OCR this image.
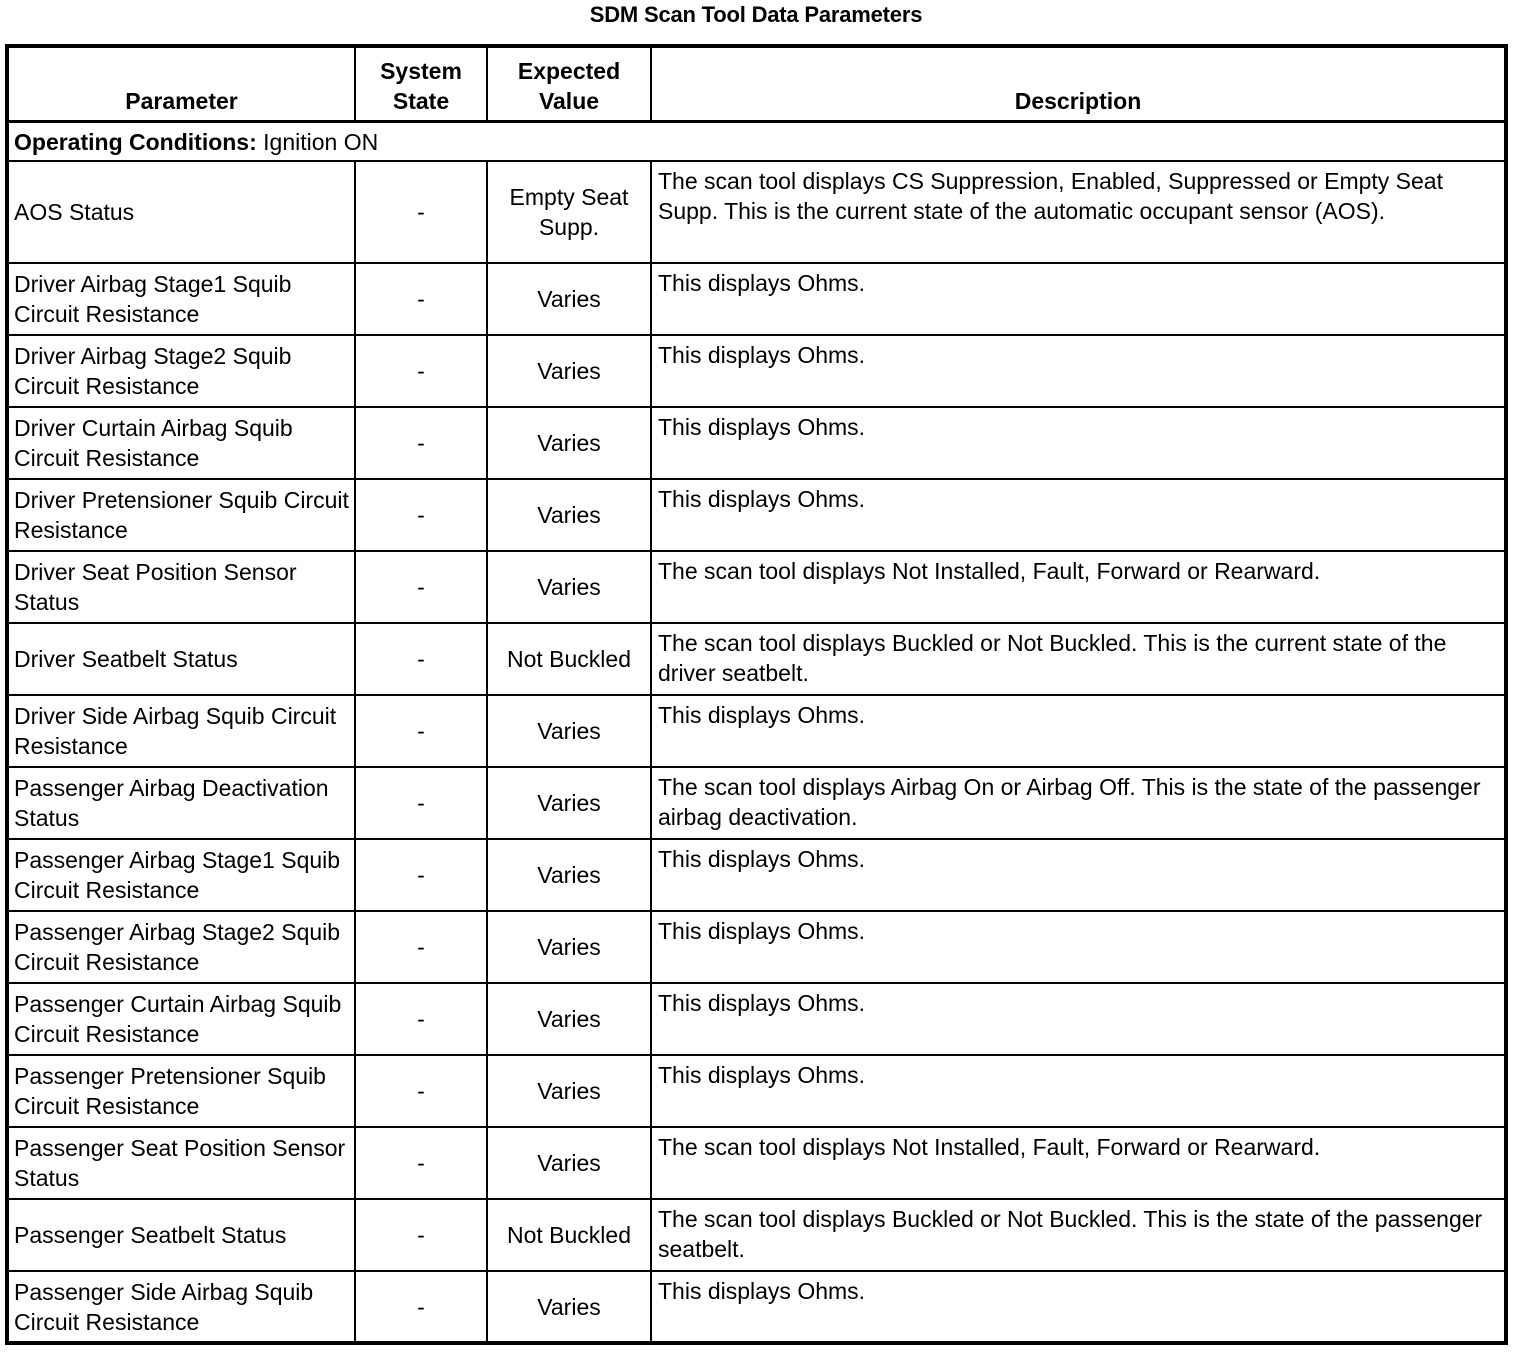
SDM Scan Tool Data Parameters
Parameter	System State	Expected Value	Description
Operating Conditions: Ignition ON			
AOS Status	-	Empty Seat Supp.	The scan tool displays CS Suppression, Enabled, Suppressed or Empty Seat Supp. This is the current state of the automatic occupant sensor (AOS).
Driver Airbag Stage1 Squib Circuit Resistance	-	Varies	This displays Ohms.
Driver Airbag Stage2 Squib Circuit Resistance	-	Varies	This displays Ohms.
Driver Curtain Airbag Squib Circuit Resistance	-	Varies	This displays Ohms.
Driver Pretensioner Squib Circuit Resistance	-	Varies	This displays Ohms.
Driver Seat Position Sensor Status	-	Varies	The scan tool displays Not Installed, Fault, Forward or Rearward.
Driver Seatbelt Status	-	Not Buckled	The scan tool displays Buckled or Not Buckled. This is the current state of the driver seatbelt.
Driver Side Airbag Squib Circuit Resistance	-	Varies	This displays Ohms.
Passenger Airbag Deactivation Status	-	Varies	The scan tool displays Airbag On or Airbag Off. This is the state of the passenger airbag deactivation.
Passenger Airbag Stage1 Squib Circuit Resistance	-	Varies	This displays Ohms.
Passenger Airbag Stage2 Squib Circuit Resistance	-	Varies	This displays Ohms.
Passenger Curtain Airbag Squib Circuit Resistance	-	Varies	This displays Ohms.
Passenger Pretensioner Squib Circuit Resistance	-	Varies	This displays Ohms.
Passenger Seat Position Sensor Status	-	Varies	The scan tool displays Not Installed, Fault, Forward or Rearward.
Passenger Seatbelt Status	-	Not Buckled	The scan tool displays Buckled or Not Buckled. This is the state of the passenger seatbelt.
Passenger Side Airbag Squib Circuit Resistance	-	Varies	This displays Ohms.
